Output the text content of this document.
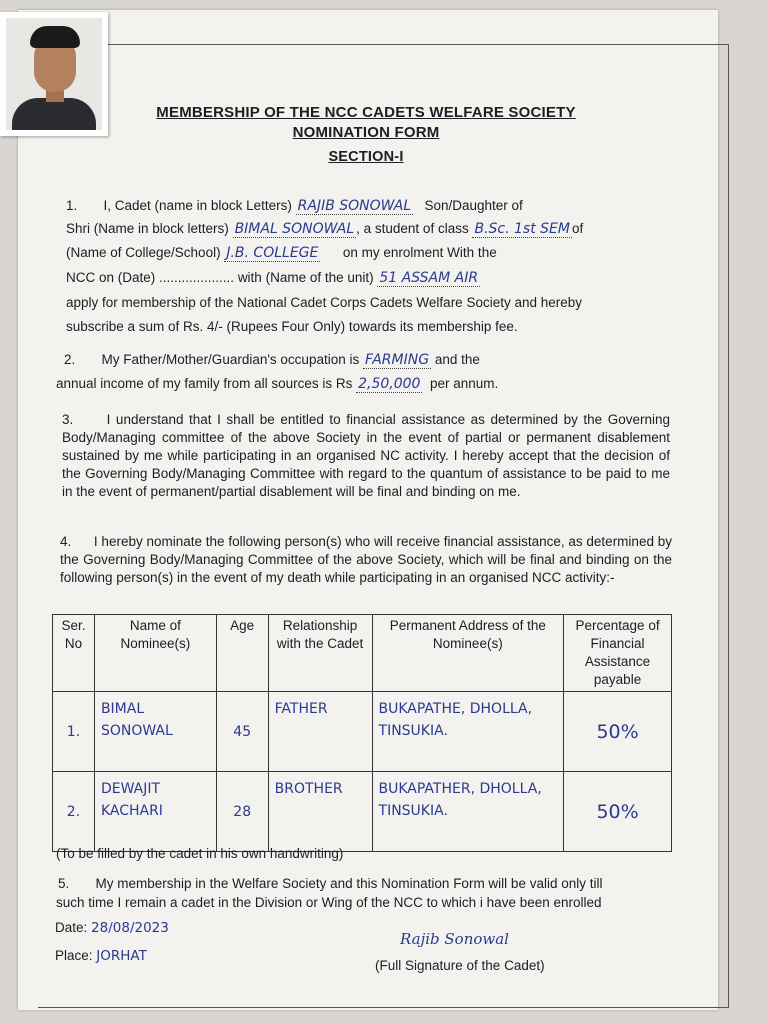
MEMBERSHIP OF THE NCC CADETS WELFARE SOCIETY
NOMINATION FORM
SECTION-I
1. I, Cadet (name in block Letters) RAJIB SONOWAL Son/Daughter of
Shri (Name in block letters) BIMAL SONOWAL , a student of class B.Sc. 1st SEM of
(Name of College/School) J.B. COLLEGE on my enrolment With the
NCC on (Date) .................... with (Name of the unit) 51 ASSAM AIR
apply for membership of the National Cadet Corps Cadets Welfare Society and hereby
subscribe a sum of Rs. 4/- (Rupees Four Only) towards its membership fee.
2. My Father/Mother/Guardian's occupation is FARMING and the
annual income of my family from all sources is Rs 2,50,000 per annum.

3. I understand that I shall be entitled to financial assistance as determined by the Governing Body/Managing committee of the above Society in the event of partial or permanent disablement sustained by me while participating in an organised NC activity. I hereby accept that the decision of the Governing Body/Managing Committee with regard to the quantum of assistance to be paid to me in the event of permanent/partial disablement will be final and binding on me.

4. I hereby nominate the following person(s) who will receive financial assistance, as determined by the Governing Body/Managing Committee of the above Society, which will be final and binding on the following person(s) in the event of my death while participating in an organised NCC activity:-

Ser. No	Name of Nominee(s)	Age	Relationship with the Cadet	Permanent Address of the Nominee(s)	Percentage of Financial Assistance payable
1.	BIMAL SONOWAL	45	FATHER	BUKAPATHE, DHOLLA, TINSUKIA.	50%
2.	DEWAJIT KACHARI	28	BROTHER	BUKAPATHER, DHOLLA, TINSUKIA.	50%
(To be filled by the cadet in his own handwriting)
5. My membership in the Welfare Society and this Nomination Form will be valid only till
such time I remain a cadet in the Division or Wing of the NCC to which i have been enrolled
Date: 28/08/2023
Place: JORHAT
Rajib Sonowal
(Full Signature of the Cadet)
